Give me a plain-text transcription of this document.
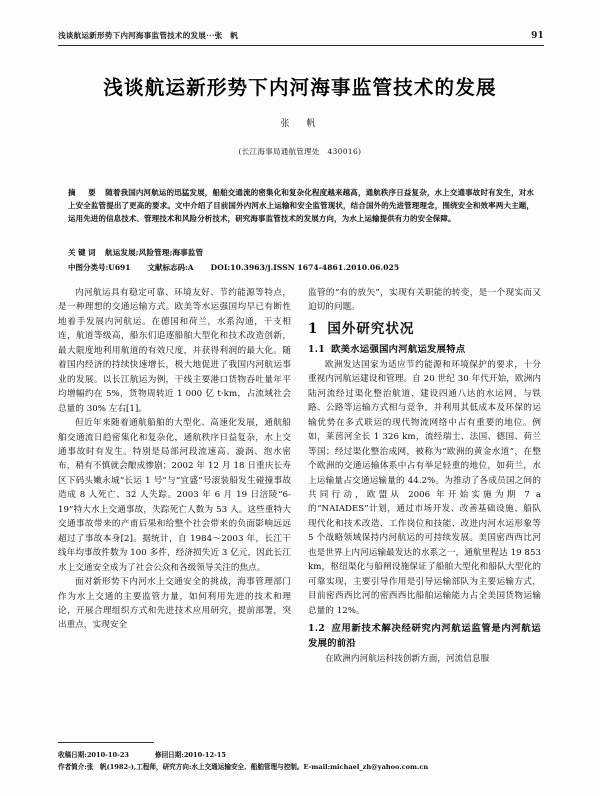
浅谈航运新形势下内河海事监管技术的发展···张　帆	91
浅谈航运新形势下内河海事监管技术的发展
张　帆
(长江海事局通航管理处　430016)
摘　要 随着我国内河航运的迅猛发展，船舶交通流的密集化和复杂化程度越来越高，通航秩序日益复杂，水上交通事故时有发生，对水上安全监管提出了更高的要求。文中介绍了目前国外内河水上运输和安全监管现状，结合国外的先进管理理念，围绕安全和效率两大主题，运用先进的信息技术、管理技术和风险分析技术，研究海事监管技术的发展方向，为水上运输提供有力的安全保障。
关键词 航运发展;风险管理;海事监管
中图分类号:U691 文献标志码:A DOI:10.3963/j.ISSN 1674-4861.2010.06.025

内河航运具有稳定可靠、环境友好、节约能源等特点，是一种理想的交通运输方式。欧美等水运强国均早已有断性地着手发展内河航运。在德国和荷兰，水系沟通，干支相连，航道等级高，船东们追逐船舶大型化和技术改造创新，最大限度地利用航道的有效尺度，并获得利润的最大化。随着国内经济的持续快速增长，极大地促进了我国内河航运事业的发展。以长江航运为例，干线主要港口货物吞吐量年平均增幅约在 5%，货物周转近 1 000 亿 t·km，占流域社会总量的 30% 左右[1]。

但近年来随着通航船舶的大型化、高速化发展，通航船舶交通流日趋密集化和复杂化，通航秩序日益复杂，水上交通事故时有发生。特别是局部河段流速高、漩涡、泡水密布，稍有不慎就会酿成惨剧；2002 年 12 月 18 日重庆长寿区下码头嫩永城“长运 1 号”与“宜盛”号滚装船发生碰撞事故造成 8 人死亡、32 人失踪。2003 年 6 月 19 日涪陵“6-19”特大水上交通事故，失踪死亡人数为 53 人。这些重特大交通事故带来的产甫后果和给整个社会带来的负面影响远远超过了事故本身[2]。据统计，自 1984～2003 年，长江干线年均事故件数为 100 多件，经济损失近 3 亿元，因此长江水上交通安全成为了社会公众和各级领导关注的焦点。

面对新形势下内河水上交通安全的挑战，海事管理部门作为水上交通的主要监管力量，如何利用先进的技术和理论，开展合理组织方式和先进技术应用研究，提前部署，突出重点，实现安全

监管的“有的放矢”，实现有关职能的转变，是一个现实而又迫切的问题。

1 国外研究状况
1.1 欧美水运强国内河航运发展特点

欧洲发达国家为适应节约能源和环境保护的要求，十分重视内河航运建设和管理。自 20 世纪 30 年代开始，欧洲内陆河流经过渠化整治航道、建设四通八达的水运网，与铁路、公路等运输方式相与竞争，并利用其低成本及环保的运输优势在多式联运的现代物流网络中占有重要的地位。例如，莱茵河全长 1 326 km，流经瑞士、法国、德国、荷兰等国；经过渠化整治成网，被称为“欧洲的黄金水道”，在整个欧洲的交通运输体系中占有举足轻重的地位，如荷兰，水上运输量占交通运输量的 44.2%。为推动了各成员国之间的共同行动，欧盟从 2006 年开始实施为期 7 a 的“NAIADES”计划，通过市场开发、改善基础设施、船队现代化和技术改造、工作岗位和技能、改进内河水运形象等 5 个战略领域保持内河航运的可持续发展。美国密西西比河也是世界上内河运输最发达的水系之一，通航里程达 19 853 km，枢纽渠化与船闸设施保证了船舶大型化和船队大型化的可靠实现，主要引导作用是引导运输部队为主要运输方式，目前密西西比河的密西西比船舶运输能力占全美国货物运输总量的 12%。

1.2 应用新技术解决经研究内河航运监管是内河航运发展的前沿

在欧洲内河航运科技创新方面，河流信息服

收稿日期:2010-10-23	修回日期:2010-12-15
作者简介:张　帆(1982-),工程师，研究方向:水上交通运输安全、船舶管理与控制。E-mail:michael_zh@yahoo.com.cn
